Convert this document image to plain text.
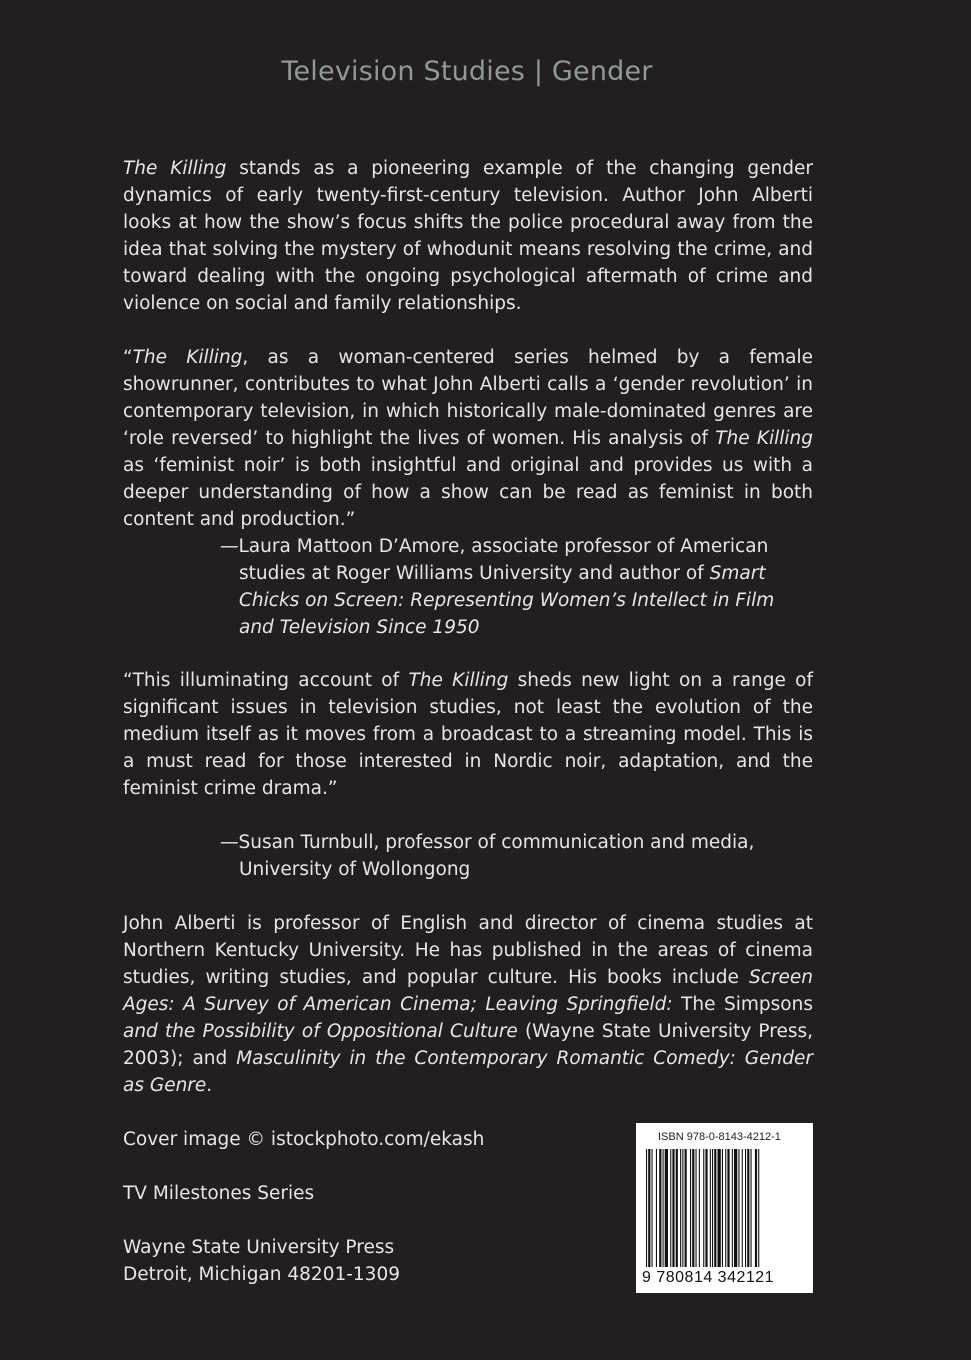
Television Studies | Gender
The Killing stands as a pioneering example of the changing gender dynamics of early twenty-first-century television. Author John Alberti looks at how the show’s focus shifts the police procedural away from the idea that solving the mystery of whodunit means resolving the crime, and toward dealing with the ongoing psychological aftermath of crime and violence on social and family relationships.
“The Killing, as a woman-centered series helmed by a female showrunner, contributes to what John Alberti calls a ‘gender revolution’ in contemporary television, in which historically male-dominated genres are ‘role reversed’ to highlight the lives of women. His analysis of The Killing as ‘feminist noir’ is both insightful and original and provides us with a deeper understanding of how a show can be read as feminist in both content and production.”
—Laura Mattoon D’Amore, associate professor of American studies at Roger Williams University and author of Smart Chicks on Screen: Representing Women’s Intellect in Film and Television Since 1950
“This illuminating account of The Killing sheds new light on a range of significant issues in television studies, not least the evolution of the medium itself as it moves from a broadcast to a streaming model. This is a must read for those interested in Nordic noir, adaptation, and the feminist crime drama.”
—Susan Turnbull, professor of communication and media, University of Wollongong
John Alberti is professor of English and director of cinema studies at Northern Kentucky University. He has published in the areas of cinema studies, writing studies, and popular culture. His books include Screen Ages: A Survey of American Cinema; Leaving Springfield: The Simpsons and the Possibility of Oppositional Culture (Wayne State University Press, 2003); and Masculinity in the Contemporary Romantic Comedy: Gender as Genre.
Cover image © istockphoto.com/ekash
TV Milestones Series
Wayne State University Press
Detroit, Michigan 48201-1309
ISBN 978-0-8143-4212-1
9 780814 342121
